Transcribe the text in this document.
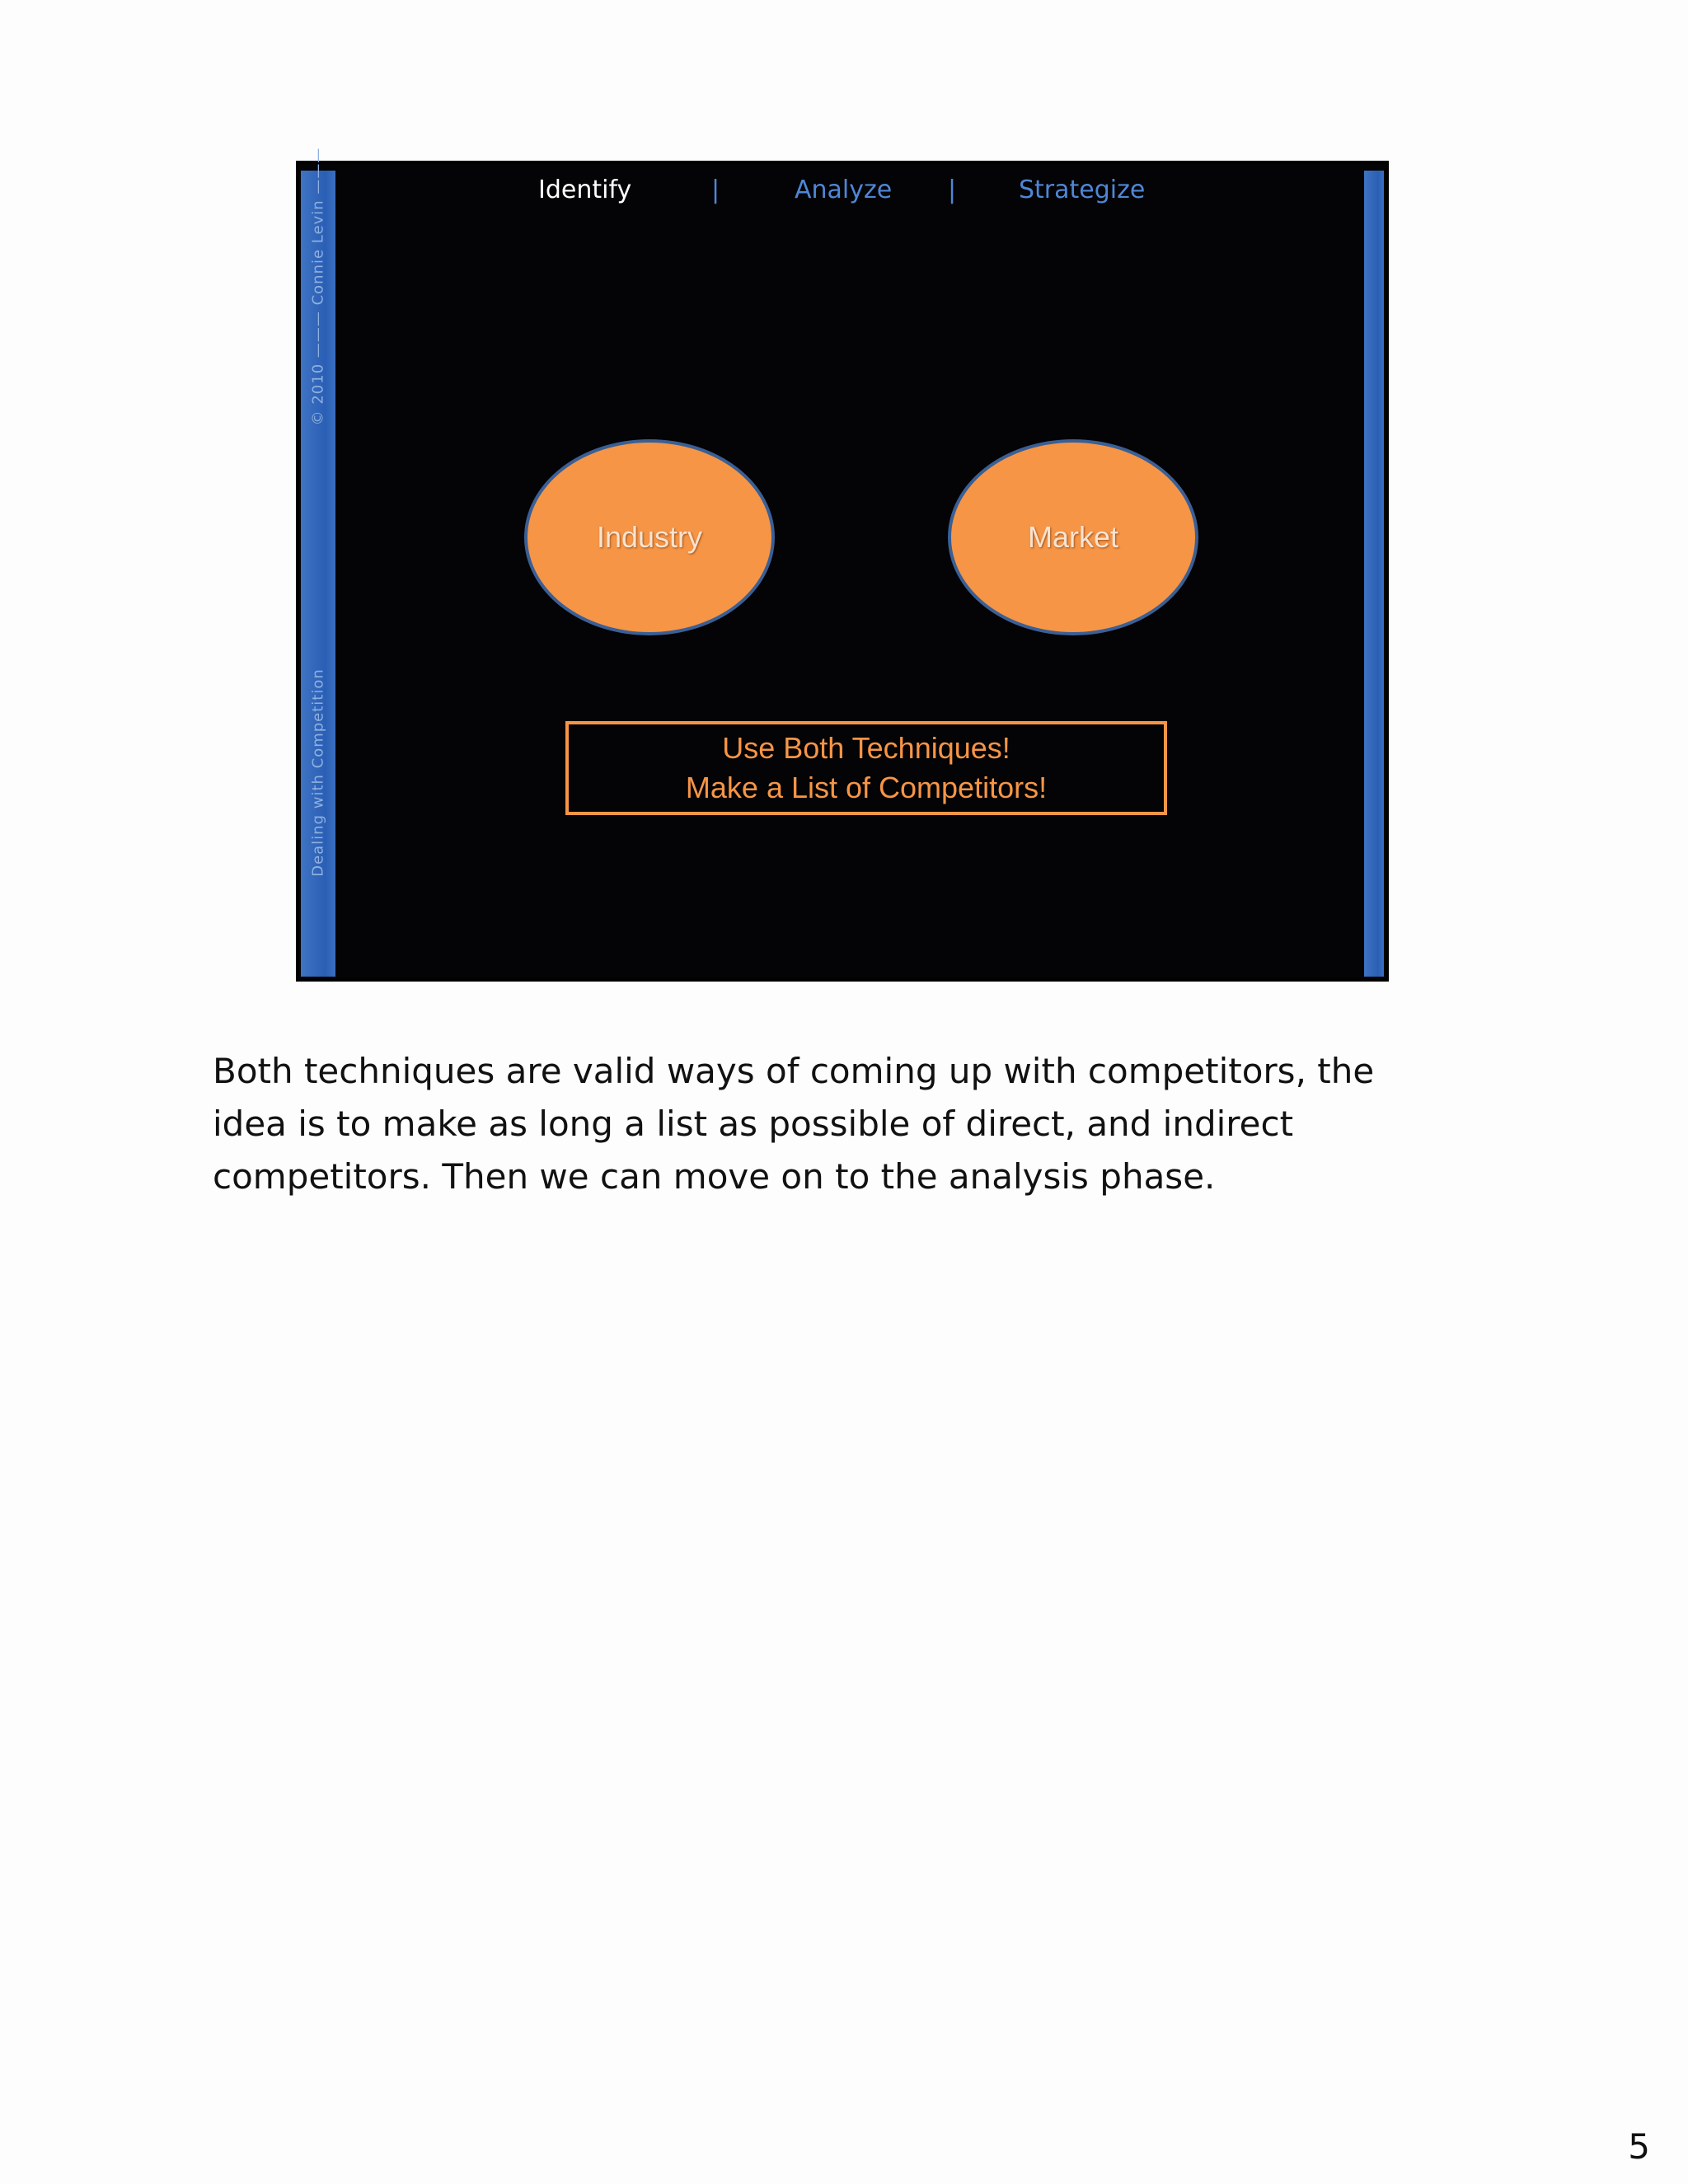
© 2010 ——— Connie Levin ———
Dealing with Competition
Identify	|	Analyze |	Strategize
Industry	Market
Use Both Techniques!
Make a List of Competitors!
Both techniques are valid ways of coming up with competitors, the
idea is to make as long a list as possible of direct, and indirect
competitors. Then we can move on to the analysis phase.
5
